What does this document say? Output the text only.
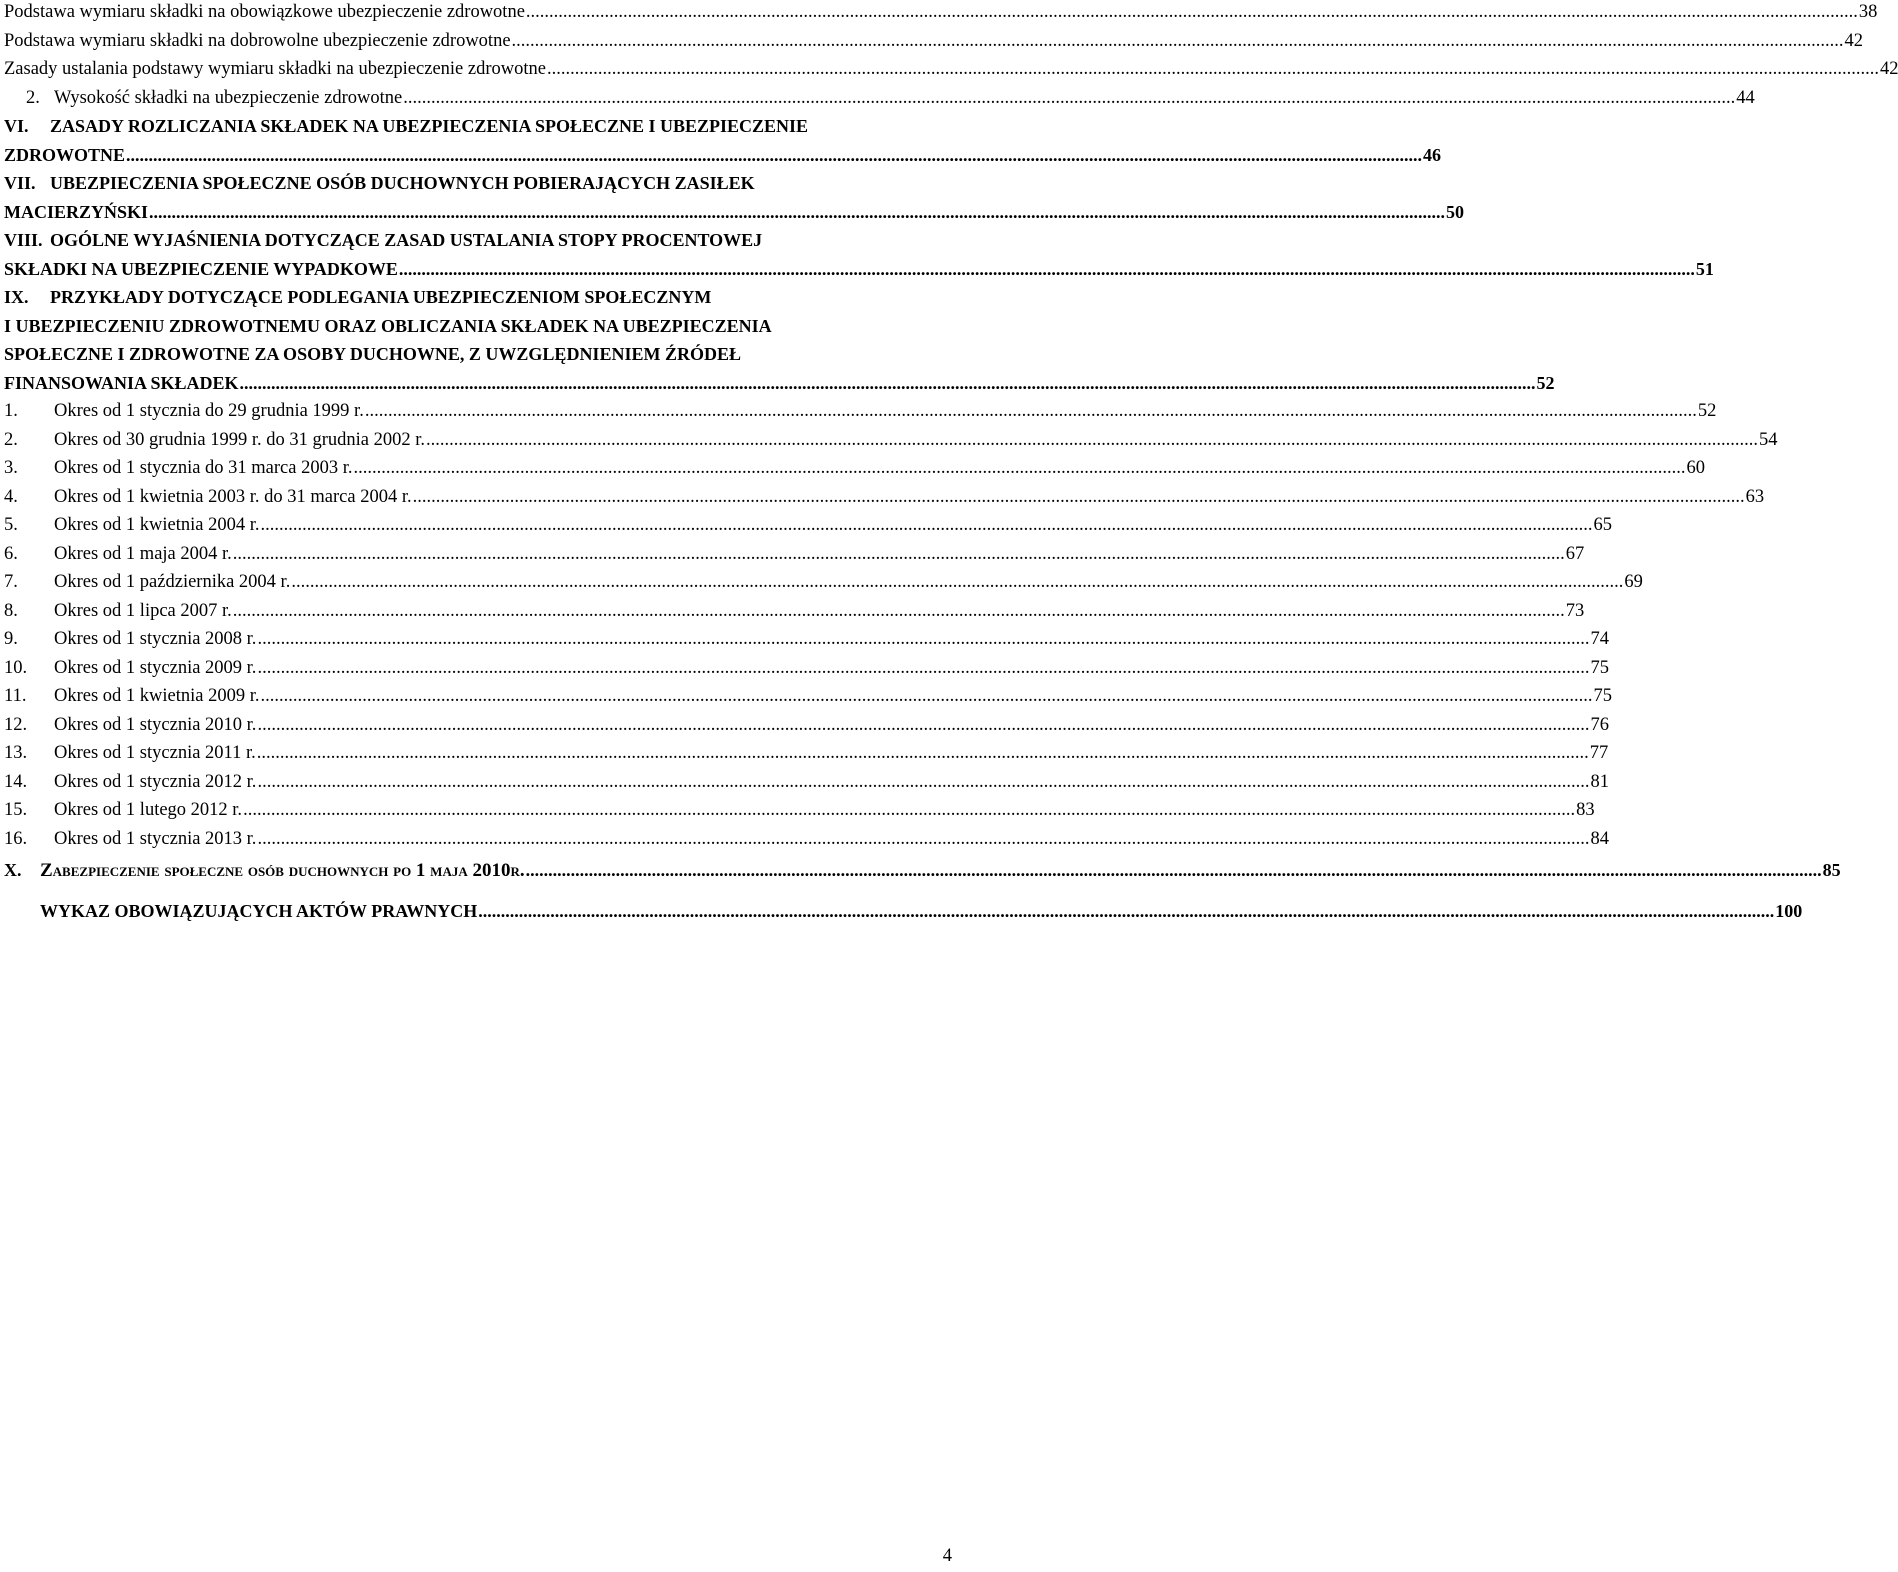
Podstawa wymiaru składki na obowiązkowe ubezpieczenie zdrowotne .....	38
Podstawa wymiaru składki na dobrowolne ubezpieczenie zdrowotne .....	42
Zasady ustalania podstawy wymiaru składki na ubezpieczenie zdrowotne .....	42
2. Wysokość składki na ubezpieczenie zdrowotne .....	44
VI.	ZASADY ROZLICZANIA SKŁADEK NA UBEZPIECZENIA SPOŁECZNE I UBEZPIECZENIE
ZDROWOTNE .....	46
VII. UBEZPIECZENIA SPOŁECZNE OSÓB DUCHOWNYCH POBIERAJĄCYCH ZASIŁEK
MACIERZYŃSKI .....	50
VIII. OGÓLNE WYJAŚNIENIA DOTYCZĄCE ZASAD USTALANIA STOPY PROCENTOWEJ
SKŁADKI NA UBEZPIECZENIE WYPADKOWE .....	51
IX.	PRZYKŁADY DOTYCZĄCE PODLEGANIA UBEZPIECZENIOM SPOŁECZNYM
I UBEZPIECZENIU ZDROWOTNEMU ORAZ OBLICZANIA SKŁADEK NA UBEZPIECZENIA
SPOŁECZNE I ZDROWOTNE ZA OSOBY DUCHOWNE, Z UWZGLĘDNIENIEM ŹRÓDEŁ
FINANSOWANIA SKŁADEK .....	52
1.	Okres od 1 stycznia do 29 grudnia 1999 r. .....	52
2.	Okres od 30 grudnia 1999 r. do 31 grudnia 2002 r. .....	54
3.	Okres od 1 stycznia do 31 marca 2003 r. .....	60
4.	Okres od 1 kwietnia 2003 r. do 31 marca 2004 r. .....	63
5.	Okres od 1 kwietnia 2004 r. .....	65
6.	Okres od 1 maja 2004 r. .....	67
7.	Okres od 1 października 2004 r. .....	69
8.	Okres od 1 lipca 2007 r. .....	73
9.	Okres od 1 stycznia 2008 r. .....	74
10.	Okres od 1 stycznia 2009 r. .....	75
11.	Okres od 1 kwietnia 2009 r. .....	75
12.	Okres od 1 stycznia 2010 r. .....	76
13.	Okres od 1 stycznia 2011 r. .....	77
14.	Okres od 1 stycznia 2012 r. .....	81
15.	Okres od 1 lutego 2012 r. .....	83
16.	Okres od 1 stycznia 2013 r. .....	84
X. Zabezpieczenie społeczne osób duchownych po 1 maja 2010r. .....	85
WYKAZ OBOWIĄZUJĄCYCH AKTÓW PRAWNYCH .....	100
4
